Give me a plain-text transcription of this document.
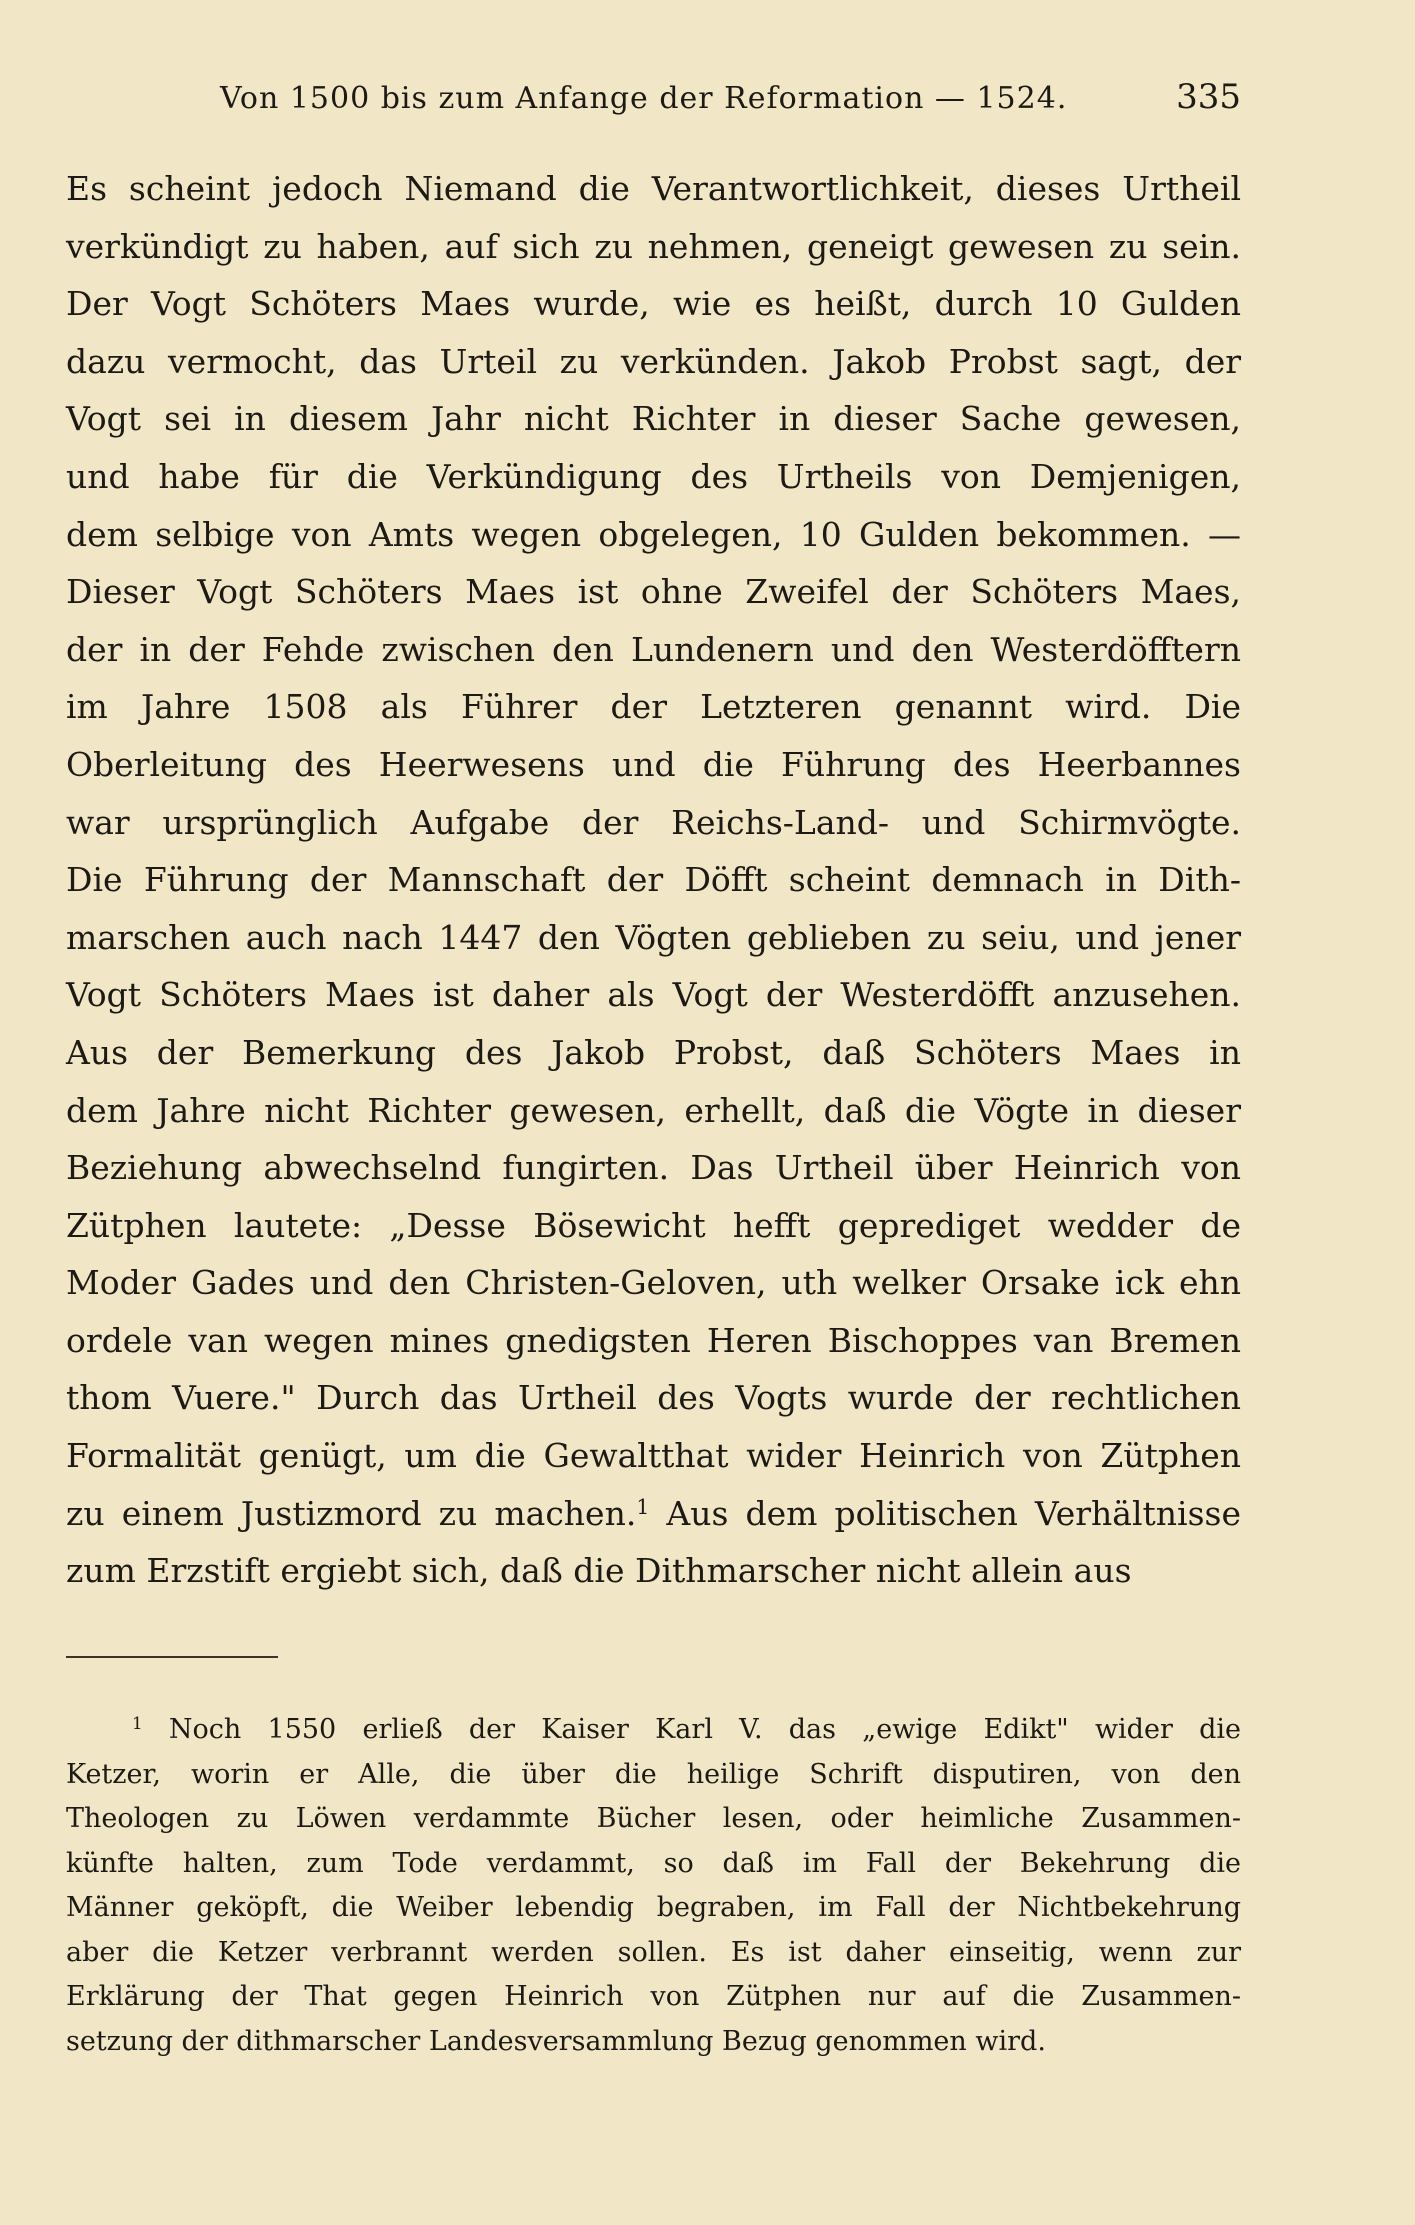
Von 1500 bis zum Anfange der Reformation — 1524.	335
Es scheint jedoch Niemand die Verantwortlichkeit, dieses Urtheil
verkündigt zu haben, auf sich zu nehmen, geneigt gewesen zu sein.
Der Vogt Schöters Maes wurde, wie es heißt, durch 10 Gulden
dazu vermocht, das Urteil zu verkünden. Jakob Probst sagt, der
Vogt sei in diesem Jahr nicht Richter in dieser Sache gewesen,
und habe für die Verkündigung des Urtheils von Demjenigen,
dem selbige von Amts wegen obgelegen, 10 Gulden bekommen. —
Dieser Vogt Schöters Maes ist ohne Zweifel der Schöters Maes,
der in der Fehde zwischen den Lundenern und den Westerdöfftern
im Jahre 1508 als Führer der Letzteren genannt wird. Die
Oberleitung des Heerwesens und die Führung des Heerbannes
war ursprünglich Aufgabe der Reichs-Land- und Schirmvögte.
Die Führung der Mannschaft der Döfft scheint demnach in Dith-
marschen auch nach 1447 den Vögten geblieben zu seiu, und jener
Vogt Schöters Maes ist daher als Vogt der Westerdöfft anzusehen.
Aus der Bemerkung des Jakob Probst, daß Schöters Maes in
dem Jahre nicht Richter gewesen, erhellt, daß die Vögte in dieser
Beziehung abwechselnd fungirten. Das Urtheil über Heinrich von
Zütphen lautete: „Desse Bösewicht hefft geprediget wedder de
Moder Gades und den Christen-Geloven, uth welker Orsake ick ehn
ordele van wegen mines gnedigsten Heren Bischoppes van Bremen
thom Vuere." Durch das Urtheil des Vogts wurde der rechtlichen
Formalität genügt, um die Gewaltthat wider Heinrich von Zütphen
zu einem Justizmord zu machen.$^1$ Aus dem politischen Verhältnisse
zum Erzstift ergiebt sich, daß die Dithmarscher nicht allein aus
$^1$ Noch 1550 erließ der Kaiser Karl V. das „ewige Edikt" wider die
Ketzer, worin er Alle, die über die heilige Schrift disputiren, von den
Theologen zu Löwen verdammte Bücher lesen, oder heimliche Zusammen-
künfte halten, zum Tode verdammt, so daß im Fall der Bekehrung die
Männer geköpft, die Weiber lebendig begraben, im Fall der Nichtbekehrung
aber die Ketzer verbrannt werden sollen. Es ist daher einseitig, wenn zur
Erklärung der That gegen Heinrich von Zütphen nur auf die Zusammen-
setzung der dithmarscher Landesversammlung Bezug genommen wird.
